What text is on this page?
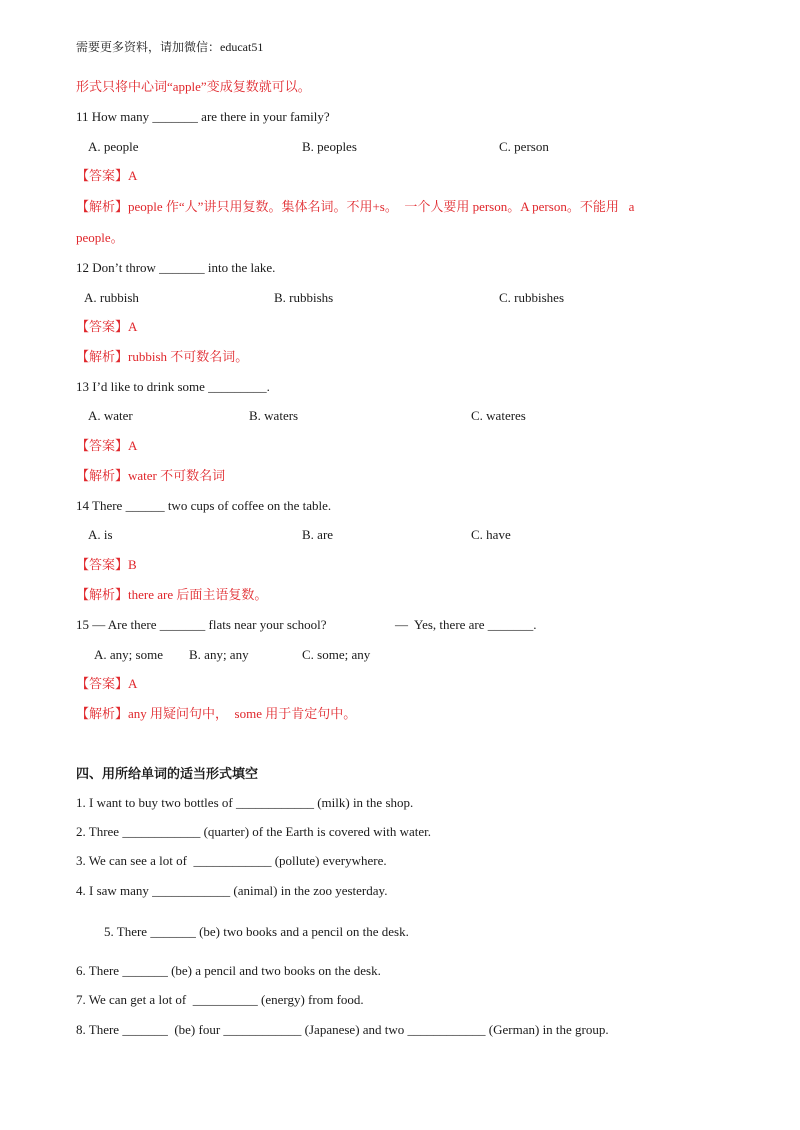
需要更多资料，请加微信：educat51
形式只将中心词“apple”变成复数就可以。
11 How many _______ are there in your family?
A. people	B. peoples	C. person
【答案】A
【解析】people 作“人”讲只用复数。集体名词。不用+s。  一个人要用 person。A person。不能用   a
people。
12 Don’t throw _______ into the lake.
A. rubbish	B. rubbishs	C. rubbishes
【答案】A
【解析】rubbish 不可数名词。
13 I’d like to drink some _________.
A. water	B. waters	C. wateres
【答案】A
【解析】water 不可数名词
14 There ______ two cups of coffee on the table.
A. is	B. are	C. have
【答案】B
【解析】there are 后面主语复数。
15 — Are there _______ flats near your school?	—  Yes, there are _______.
A. any; some B. any; any	C. some; any
【答案】A
【解析】any 用疑问句中，  some 用于肯定句中。
四、用所给单词的适当形式填空
1. I want to buy two bottles of ____________ (milk) in the shop.
2. Three ____________ (quarter) of the Earth is covered with water.
3. We can see a lot of  ____________ (pollute) everywhere.
4. I saw many ____________ (animal) in the zoo yesterday.
5. There _______ (be) two books and a pencil on the desk.
6. There _______ (be) a pencil and two books on the desk.
7. We can get a lot of  __________ (energy) from food.
8. There _______  (be) four ____________ (Japanese) and two ____________ (German) in the group.
